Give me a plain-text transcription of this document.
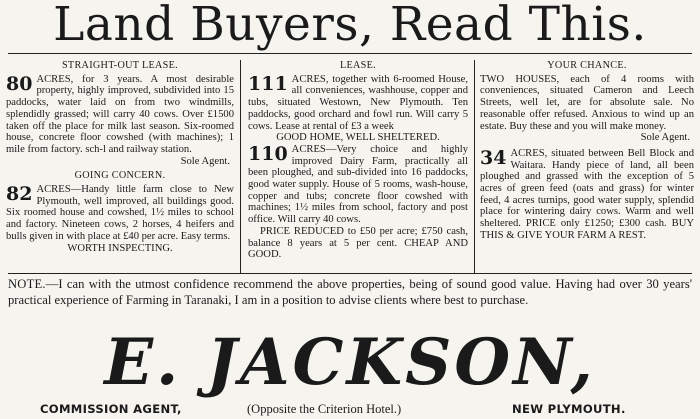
Land Buyers, Read This.
STRAIGHT-OUT LEASE.

80 ACRES, for 3 years. A most desirable property, highly improved, subdivided into 15 paddocks, water laid on from two windmills, splendidly grassed; will carry 40 cows. Over £1500 taken off the place for milk last season. Six-roomed house, concrete floor cowshed (with machines); 1 mile from factory. sch-l and railway station.

Sole Agent.
GOING CONCERN.

82 ACRES—Handy little farm close to New Plymouth, well improved, all buildings good. Six roomed house and cowshed, 1½ miles to school and factory. Nineteen cows, 2 horses, 4 heifers and bulls given in with place at £40 per acre. Easy terms.

WORTH INSPECTING.
LEASE.

111 ACRES, together with 6-roomed House, all conveniences, washhouse, copper and tubs, situated Westown, New Plymouth. Ten paddocks, good orchard and fowl run. Will carry 5 cows. Lease at rental of £3 a week

GOOD HOME, WELL SHELTERED.

110 ACRES—Very choice and highly improved Dairy Farm, practically all been ploughed, and sub-divided into 16 paddocks, good water supply. House of 5 rooms, wash-house, copper and tubs; concrete floor cowshed with machines; 1½ miles from school, factory and post office. Will carry 40 cows.

PRICE REDUCED to £50 per acre; £750 cash, balance 8 years at 5 per cent. CHEAP AND GOOD.

YOUR CHANCE.

TWO HOUSES, each of 4 rooms with conveniences, situated Cameron and Leech Streets, well let, are for absolute sale. No reasonable offer refused. Anxious to wind up an estate. Buy these and you will make money.

Sole Agent.

34 ACRES, situated between Bell Block and Waitara. Handy piece of land, all been ploughed and grassed with the exception of 5 acres of green feed (oats and grass) for winter feed, 4 acres turnips, good water supply, splendid place for wintering dairy cows. Warm and well sheltered. PRICE only £1250; £300 cash. BUY THIS & GIVE YOUR FARM A REST.

NOTE.—I can with the utmost confidence recommend the above properties, being of sound good value. Having had over 30 years' practical experience of Farming in Taranaki, I am in a position to advise clients where best to purchase.
E. JACKSON,
COMMISSION AGENT,	(Opposite the Criterion Hotel.)	NEW PLYMOUTH.
